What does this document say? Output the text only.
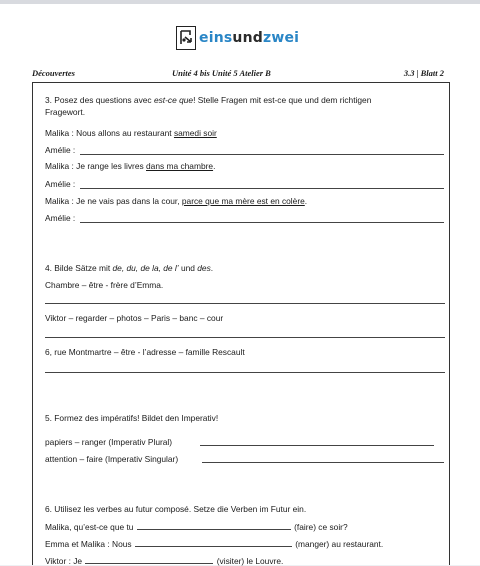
einsundzwei
Découvertes	Unité 4 bis Unité 5 Atelier B	3.3 | Blatt 2
3. Posez des questions avec est-ce que! Stelle Fragen mit est-ce que und dem richtigen
Fragewort.
Malika : Nous allons au restaurant samedi soir
Amélie :
Malika : Je range les livres dans ma chambre.
Amélie :
Malika : Je ne vais pas dans la cour, parce que ma mère est en colère.
Amélie :
4. Bilde Sätze mit de, du, de la, de l’ und des.
Chambre – être - frère d’Emma.
Viktor – regarder – photos – Paris – banc – cour
6, rue Montmartre – être - l’adresse – famille Rescault
5. Formez des impératifs! Bildet den Imperativ!
papiers – ranger (Imperativ Plural)
attention – faire (Imperativ Singular)
6. Utilisez les verbes au futur composé. Setze die Verben im Futur ein.
Malika, qu’est-ce que tu	(faire) ce soir?
Emma et Malika : Nous	(manger) au restaurant.
Viktor : Je	(visiter) le Louvre.
